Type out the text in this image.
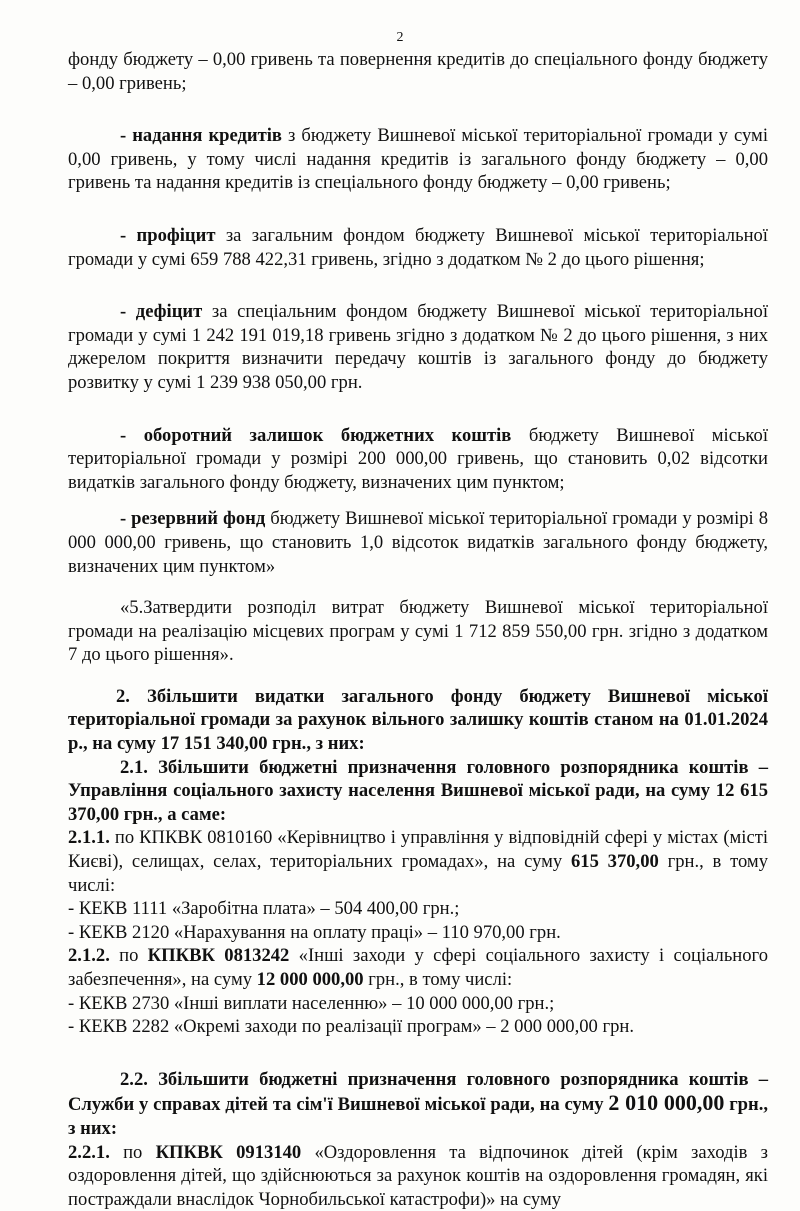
2

фонду бюджету – 0,00 гривень та повернення кредитів до спеціального фонду бюджету – 0,00 гривень;

- надання кредитів з бюджету Вишневої міської територіальної громади у сумі 0,00 гривень, у тому числі надання кредитів із загального фонду бюджету – 0,00 гривень та надання кредитів із спеціального фонду бюджету – 0,00 гривень;

- профіцит за загальним фондом бюджету Вишневої міської територіальної громади у сумі 659 788 422,31 гривень, згідно з додатком № 2 до цього рішення;

- дефіцит за спеціальним фондом бюджету Вишневої міської територіальної громади у сумі 1 242 191 019,18 гривень згідно з додатком № 2 до цього рішення, з них джерелом покриття визначити передачу коштів із загального фонду до бюджету розвитку у сумі 1 239 938 050,00 грн.

- оборотний залишок бюджетних коштів бюджету Вишневої міської територіальної громади у розмірі 200 000,00 гривень, що становить 0,02 відсотки видатків загального фонду бюджету, визначених цим пунктом;

- резервний фонд бюджету Вишневої міської територіальної громади у розмірі 8 000 000,00 гривень, що становить 1,0 відсоток видатків загального фонду бюджету, визначених цим пунктом»

«5.Затвердити розподіл витрат бюджету Вишневої міської територіальної громади на реалізацію місцевих програм у сумі 1 712 859 550,00 грн. згідно з додатком 7 до цього рішення».

2. Збільшити видатки загального фонду бюджету Вишневої міської територіальної громади за рахунок вільного залишку коштів станом на 01.01.2024 р., на суму 17 151 340,00 грн., з них:

2.1. Збільшити бюджетні призначення головного розпорядника коштів – Управління соціального захисту населення Вишневої міської ради, на суму 12 615 370,00 грн., а саме:

2.1.1. по КПКВК 0810160 «Керівництво і управління у відповідній сфері у містах (місті Києві), селищах, селах, територіальних громадах», на суму 615 370,00 грн., в тому числі:

- КЕКВ 1111 «Заробітна плата» – 504 400,00 грн.;

- КЕКВ 2120 «Нарахування на оплату праці» – 110 970,00 грн.

2.1.2. по КПКВК 0813242 «Інші заходи у сфері соціального захисту і соціального забезпечення», на суму 12 000 000,00 грн., в тому числі:

- КЕКВ 2730 «Інші виплати населенню» – 10 000 000,00 грн.;

- КЕКВ 2282 «Окремі заходи по реалізації програм» – 2 000 000,00 грн.

2.2. Збільшити бюджетні призначення головного розпорядника коштів – Служби у справах дітей та сім'ї Вишневої міської ради, на суму 2 010 000,00 грн., з них:

2.2.1. по КПКВК 0913140 «Оздоровлення та відпочинок дітей (крім заходів з оздоровлення дітей, що здійснюються за рахунок коштів на оздоровлення громадян, які постраждали внаслідок Чорнобильської катастрофи)» на суму
